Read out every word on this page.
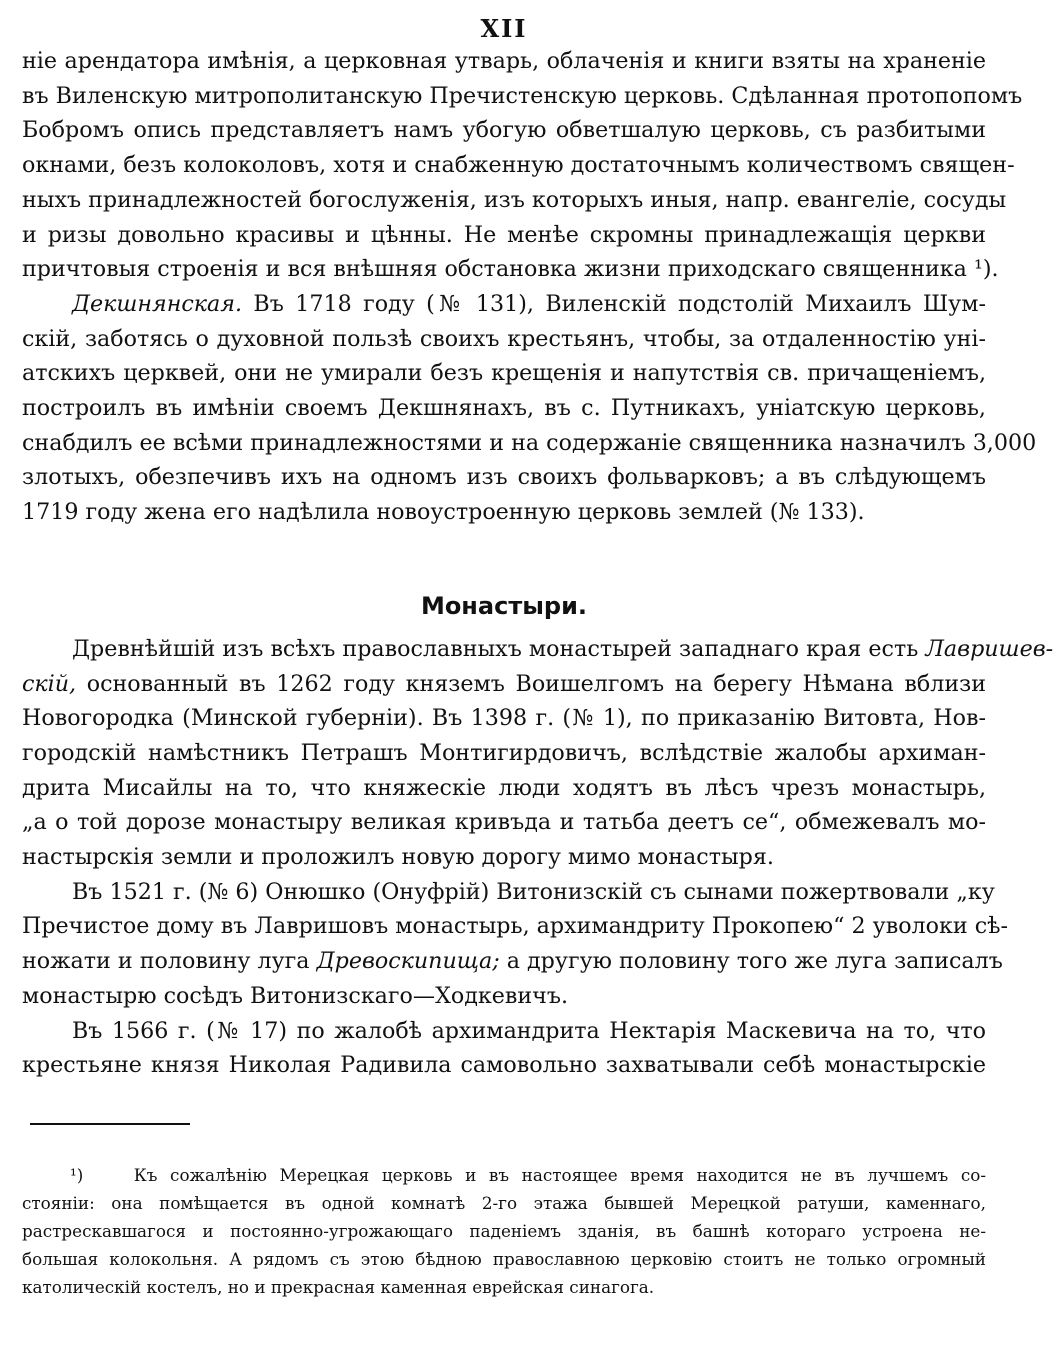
XII
ніе арендатора имѣнія, а церковная утварь, облаченія и книги взяты на храненіе
въ Виленскую митрополитанскую Пречистенскую церковь. Сдѣланная протопопомъ
Бобромъ опись представляетъ намъ убогую обветшалую церковь, съ разбитыми
окнами, безъ колоколовъ, хотя и снабженную достаточнымъ количествомъ священ-
ныхъ принадлежностей богослуженія, изъ которыхъ иныя, напр. евангеліе, сосуды
и ризы довольно красивы и цѣнны. Не менѣе скромны принадлежащія церкви
причтовыя строенія и вся внѣшняя обстановка жизни приходскаго священника ¹).
Декшнянская. Въ 1718 году (№ 131), Виленскій подстолій Михаилъ Шум-
скій, заботясь о духовной пользѣ своихъ крестьянъ, чтобы, за отдаленностію уні-
атскихъ церквей, они не умирали безъ крещенія и напутствія св. причащеніемъ,
построилъ въ имѣніи своемъ Декшнянахъ, въ с. Путникахъ, уніатскую церковь,
снабдилъ ее всѣми принадлежностями и на содержаніе священника назначилъ 3,000
злотыхъ, обезпечивъ ихъ на одномъ изъ своихъ фольварковъ; а въ слѣдующемъ
1719 году жена его надѣлила новоустроенную церковь землей (№ 133).
Монастыри.
Древнѣйшій изъ всѣхъ православныхъ монастырей западнаго края есть Лавришев-
скій, основанный въ 1262 году княземъ Воишелгомъ на берегу Нѣмана вблизи
Новогородка (Минской губерніи). Въ 1398 г. (№ 1), по приказанію Витовта, Нов-
городскій намѣстникъ Петрашъ Монтигирдовичъ, вслѣдствіе жалобы архиман-
дрита Мисайлы на то, что княжескіе люди ходятъ въ лѣсъ чрезъ монастырь,
„а о той дорозе монастыру великая кривъда и татьба деетъ се“, обмежевалъ мо-
настырскія земли и проложилъ новую дорогу мимо монастыря.
Въ 1521 г. (№ 6) Онюшко (Онуфрій) Витонизскій съ сынами пожертвовали „ку
Пречистое дому въ Лавришовъ монастырь, архимандриту Прокопею“ 2 уволоки сѣ-
ножати и половину луга Древоскипища; а другую половину того же луга записалъ
монастырю сосѣдъ Витонизскаго—Ходкевичъ.
Въ 1566 г. (№ 17) по жалобѣ архимандрита Нектарія Маскевича на то, что
крестьяне князя Николая Радивила самовольно захватывали себѣ монастырскіе
¹)	Къ сожалѣнію Мерецкая церковь и въ настоящее время находится не въ лучшемъ со-
стояніи: она помѣщается въ одной комнатѣ 2-го этажа бывшей Мерецкой ратуши, каменнаго,
растрескавшагося и постоянно-угрожающаго паденіемъ зданія, въ башнѣ котораго устроена не-
большая колокольня. А рядомъ съ этою бѣдною православною церковію стоитъ не только огромный
католическій костелъ, но и прекрасная каменная еврейская синагога.
